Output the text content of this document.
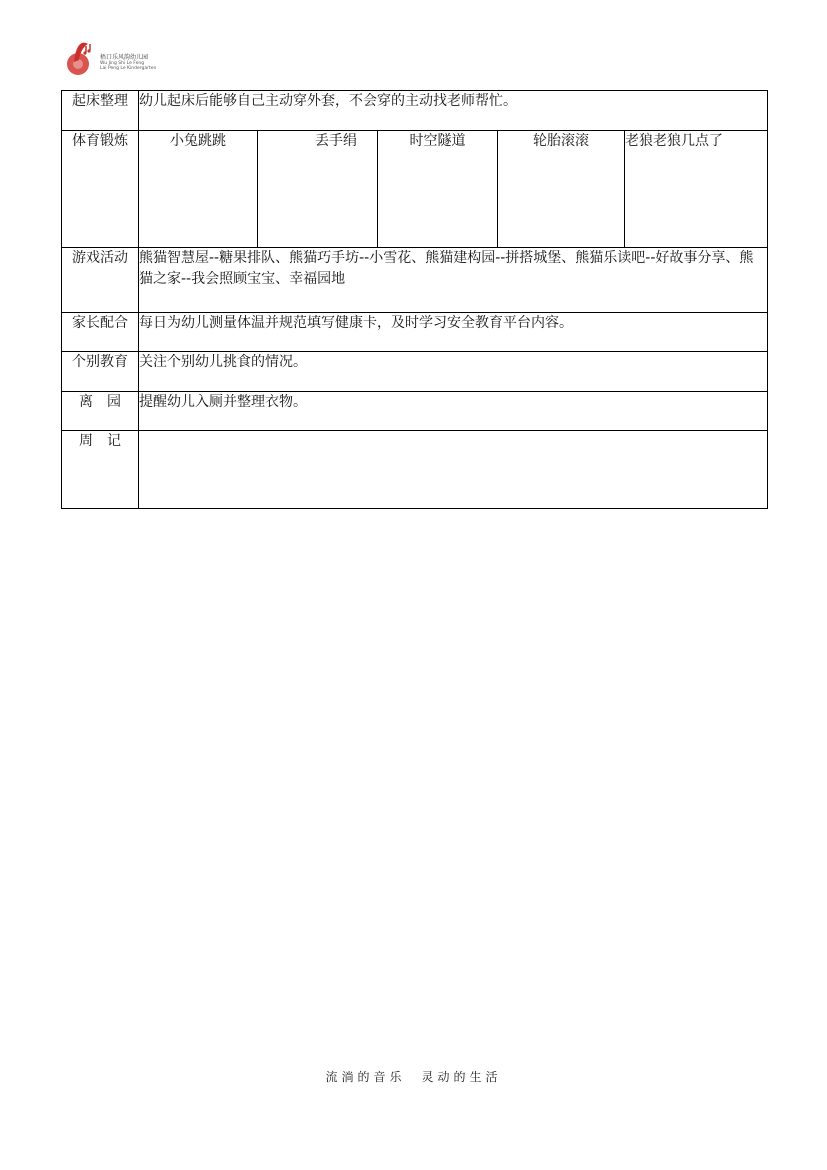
梧口乐风韵幼儿园
Wu Jing Shi Le Feng
Lai Peng Le Kindergarten
起床整理	幼儿起床后能够自己主动穿外套，不会穿的主动找老师帮忙。				
体育锻炼	小兔跳跳	丢手绢	时空隧道	轮胎滚滚	老狼老狼几点了
游戏活动	熊猫智慧屋--糖果排队、熊猫巧手坊--小雪花、熊猫建构园--拼搭城堡、熊猫乐读吧--好故事分享、熊猫之家--我会照顾宝宝、幸福园地				
家长配合	每日为幼儿测量体温并规范填写健康卡，及时学习安全教育平台内容。				
个别教育	关注个别幼儿挑食的情况。				
离　园	提醒幼儿入厕并整理衣物。				
周　记					
流淌的音乐　灵动的生活
